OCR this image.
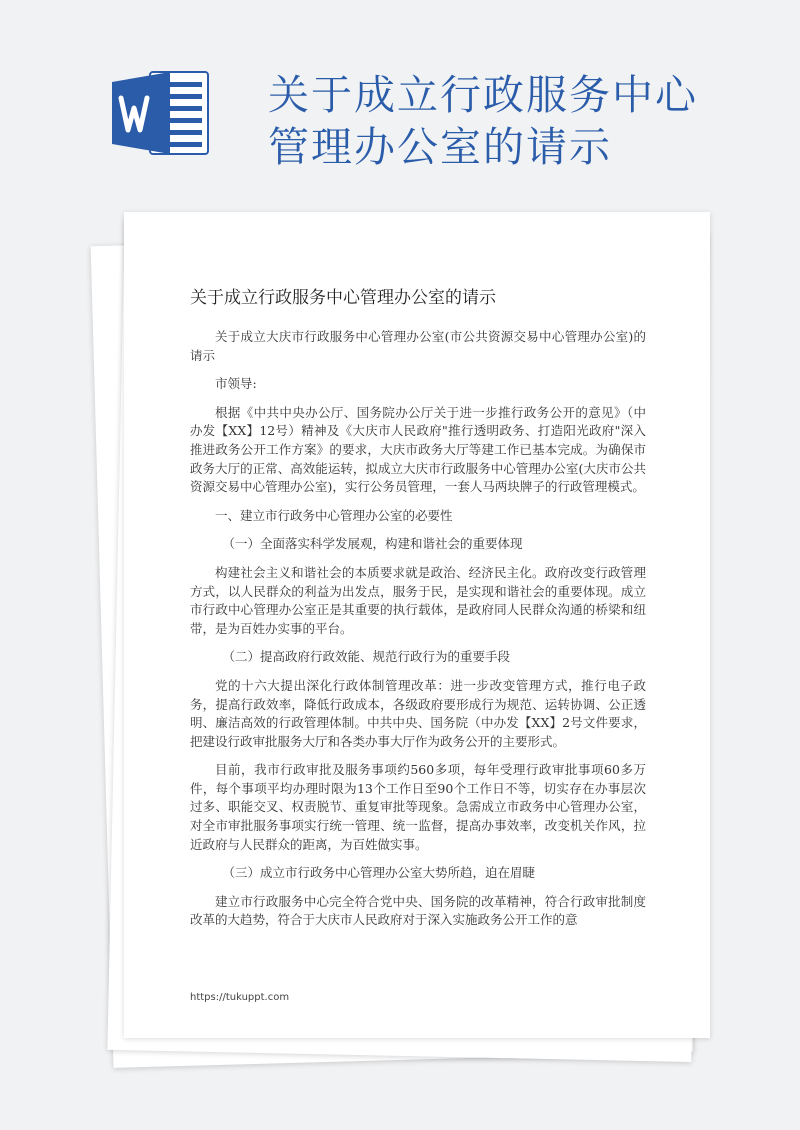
关于成立行政服务中心
管理办公室的请示
关于成立行政服务中心管理办公室的请示

关于成立大庆市行政服务中心管理办公室(市公共资源交易中心管理办公室)的请示

市领导:

根据《中共中央办公厅、国务院办公厅关于进一步推行政务公开的意见》（中办发【XX】12号）精神及《大庆市人民政府"推行透明政务、打造阳光政府"深入推进政务公开工作方案》的要求，大庆市政务大厅等建工作已基本完成。为确保市政务大厅的正常、高效能运转，拟成立大庆市行政服务中心管理办公室(大庆市公共资源交易中心管理办公室)，实行公务员管理，一套人马两块牌子的行政管理模式。

一、建立市行政务中心管理办公室的必要性

（一）全面落实科学发展观，构建和谐社会的重要体现

构建社会主义和谐社会的本质要求就是政治、经济民主化。政府改变行政管理方式，以人民群众的利益为出发点，服务于民，是实现和谐社会的重要体现。成立市行政中心管理办公室正是其重要的执行载体，是政府同人民群众沟通的桥梁和纽带，是为百姓办实事的平台。

（二）提高政府行政效能、规范行政行为的重要手段

党的十六大提出深化行政体制管理改革：进一步改变管理方式，推行电子政务，提高行政效率，降低行政成本，各级政府要形成行为规范、运转协调、公正透明、廉洁高效的行政管理体制。中共中央、国务院（中办发【XX】2号文件要求，把建设行政审批服务大厅和各类办事大厅作为政务公开的主要形式。

目前，我市行政审批及服务事项约560多项，每年受理行政审批事项60多万件，每个事项平均办理时限为13个工作日至90个工作日不等，切实存在办事层次过多、职能交叉、权责脱节、重复审批等现象。急需成立市政务中心管理办公室，对全市审批服务事项实行统一管理、统一监督，提高办事效率，改变机关作风，拉近政府与人民群众的距离，为百姓做实事。

（三）成立市行政务中心管理办公室大势所趋，迫在眉睫

建立市行政服务中心完全符合党中央、国务院的改革精神，符合行政审批制度改革的大趋势，符合于大庆市人民政府对于深入实施政务公开工作的意

https://tukuppt.com
